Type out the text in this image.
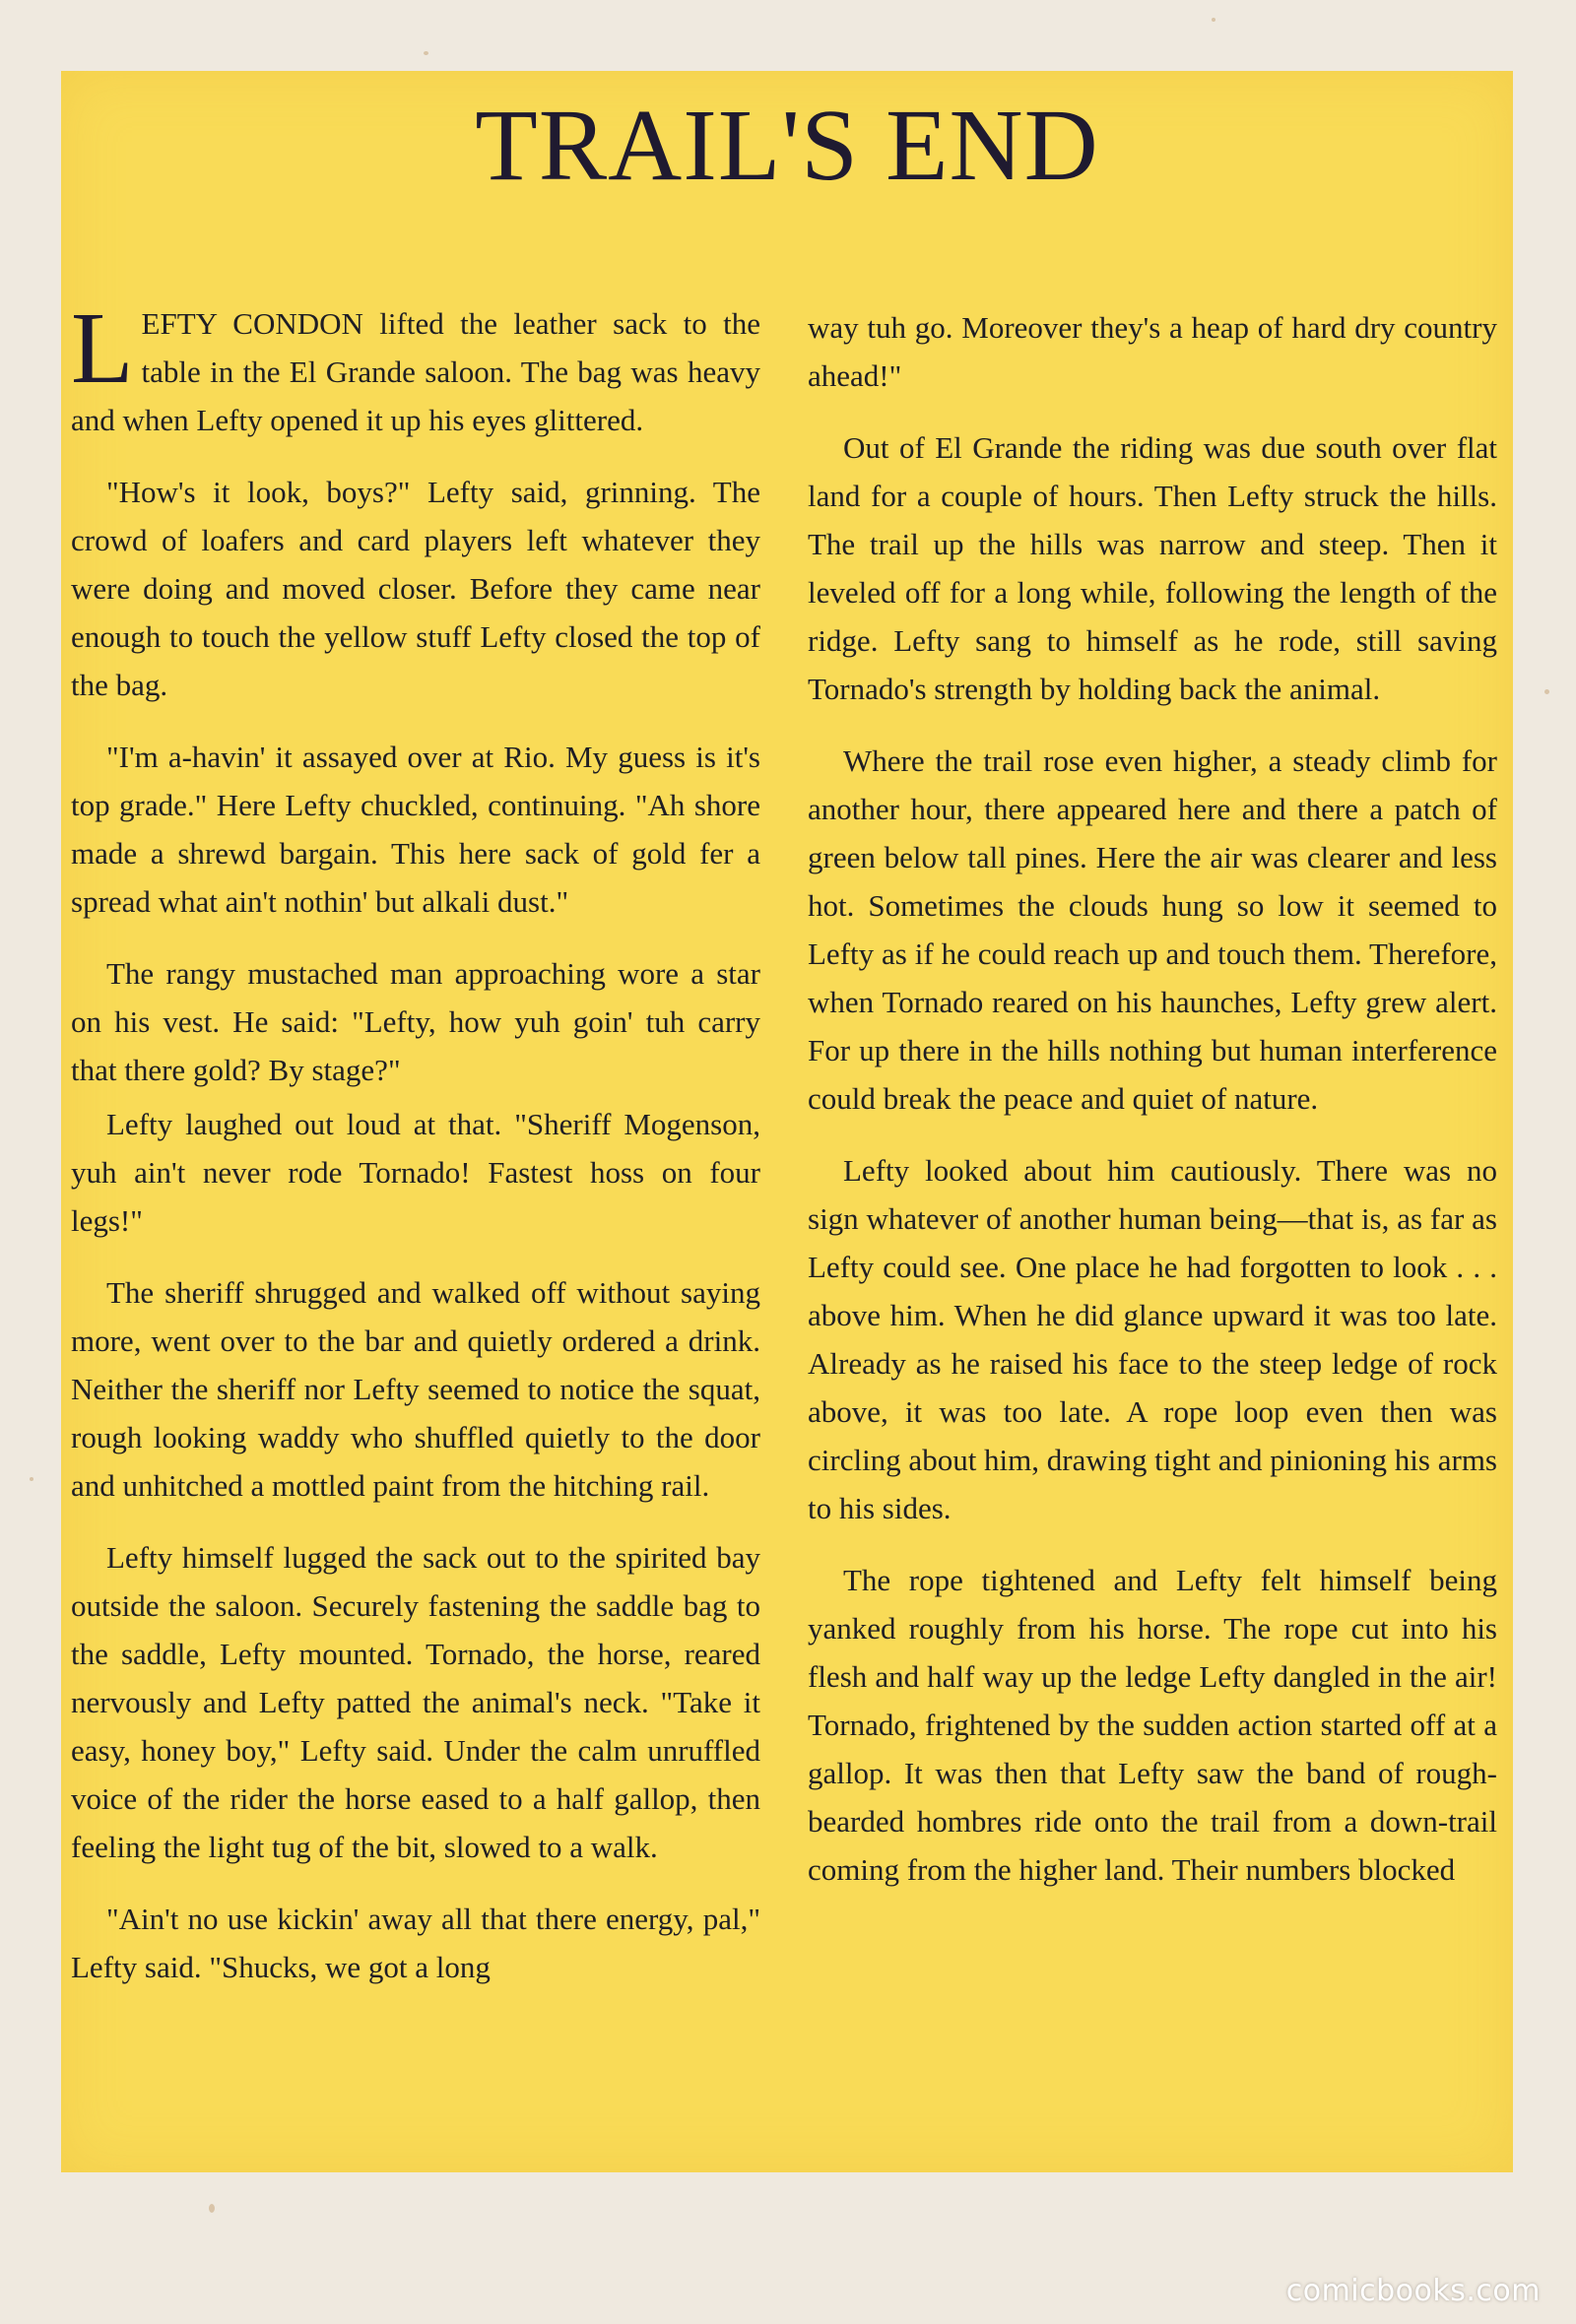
TRAIL'S END

LEFTY CONDON lifted the leather sack to the table in the El Grande saloon. The bag was heavy and when Lefty opened it up his eyes glittered.

"How's it look, boys?" Lefty said, grinning. The crowd of loafers and card players left whatever they were doing and moved closer. Before they came near enough to touch the yellow stuff Lefty closed the top of the bag.

"I'm a-havin' it assayed over at Rio. My guess is it's top grade." Here Lefty chuckled, continuing. "Ah shore made a shrewd bargain. This here sack of gold fer a spread what ain't nothin' but alkali dust."

The rangy mustached man approaching wore a star on his vest. He said: "Lefty, how yuh goin' tuh carry that there gold? By stage?"

Lefty laughed out loud at that. "Sheriff Mogenson, yuh ain't never rode Tornado! Fastest hoss on four legs!"

The sheriff shrugged and walked off without saying more, went over to the bar and quietly ordered a drink. Neither the sheriff nor Lefty seemed to notice the squat, rough looking waddy who shuffled quietly to the door and unhitched a mottled paint from the hitching rail.

Lefty himself lugged the sack out to the spirited bay outside the saloon. Securely fastening the saddle bag to the saddle, Lefty mounted. Tornado, the horse, reared nervously and Lefty patted the animal's neck. "Take it easy, honey boy," Lefty said. Under the calm unruffled voice of the rider the horse eased to a half gallop, then feeling the light tug of the bit, slowed to a walk.

"Ain't no use kickin' away all that there energy, pal," Lefty said. "Shucks, we got a long

way tuh go. Moreover they's a heap of hard dry country ahead!"

Out of El Grande the riding was due south over flat land for a couple of hours. Then Lefty struck the hills. The trail up the hills was narrow and steep. Then it leveled off for a long while, following the length of the ridge. Lefty sang to himself as he rode, still saving Tornado's strength by holding back the animal.

Where the trail rose even higher, a steady climb for another hour, there appeared here and there a patch of green below tall pines. Here the air was clearer and less hot. Sometimes the clouds hung so low it seemed to Lefty as if he could reach up and touch them. Therefore, when Tornado reared on his haunches, Lefty grew alert. For up there in the hills nothing but human interference could break the peace and quiet of nature.

Lefty looked about him cautiously. There was no sign whatever of another human being—that is, as far as Lefty could see. One place he had forgotten to look . . . above him. When he did glance upward it was too late. Already as he raised his face to the steep ledge of rock above, it was too late. A rope loop even then was circling about him, drawing tight and pinioning his arms to his sides.

The rope tightened and Lefty felt himself being yanked roughly from his horse. The rope cut into his flesh and half way up the ledge Lefty dangled in the air! Tornado, frightened by the sudden action started off at a gallop. It was then that Lefty saw the band of rough-bearded hombres ride onto the trail from a down-trail coming from the higher land. Their numbers blocked

comicbooks.com
